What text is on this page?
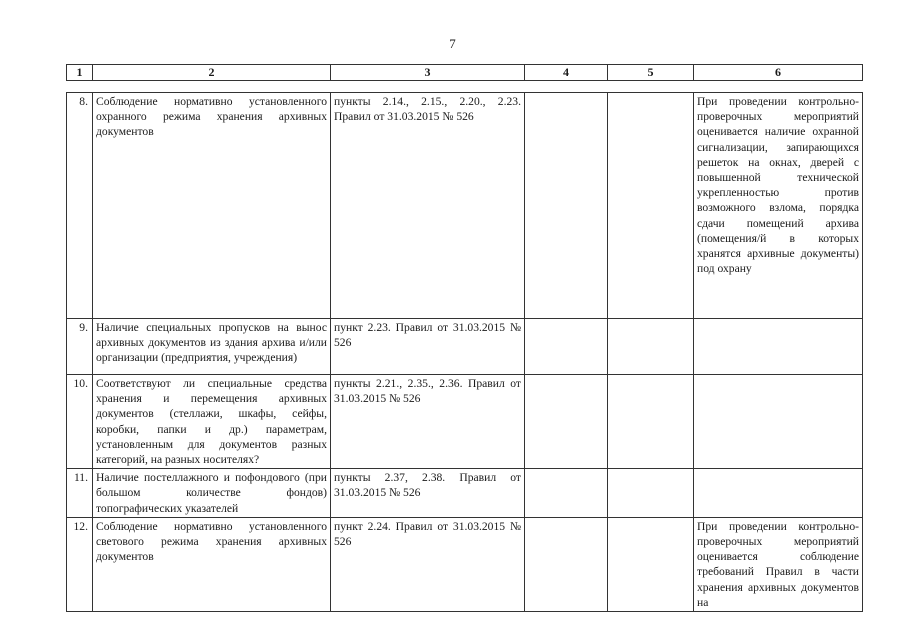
7
1	2	3	4	5	6
8.	Соблюдение нормативно установленного охранного режима хранения архивных документов	пункты 2.14., 2.15., 2.20., 2.23. Правил от 31.03.2015 № 526			При проведении контрольно-проверочных мероприятий оценивается наличие охранной сигнализации, запирающихся решеток на окнах, дверей с повышенной технической укрепленностью против возможного взлома, порядка сдачи помещений архива (помещения/й в которых хранятся архивные документы) под охрану
9.	Наличие специальных пропусков на вынос архивных документов из здания архива и/или организации (предприятия, учреждения)	пункт 2.23. Правил от 31.03.2015 № 526			
10.	Соответствуют ли специальные средства хранения и перемещения архивных документов (стеллажи, шкафы, сейфы, коробки, папки и др.) параметрам, установленным для документов разных категорий, на разных носителях?	пункты 2.21., 2.35., 2.36. Правил от 31.03.2015 № 526			
11.	Наличие постеллажного и пофондового (при большом количестве фондов) топографических указателей	пункты 2.37, 2.38. Правил от 31.03.2015 № 526			
12.	Соблюдение нормативно установленного светового режима хранения архивных документов	пункт 2.24. Правил от 31.03.2015 № 526			При проведении контрольно-проверочных мероприятий оценивается соблюдение требований Правил в части хранения архивных документов на
